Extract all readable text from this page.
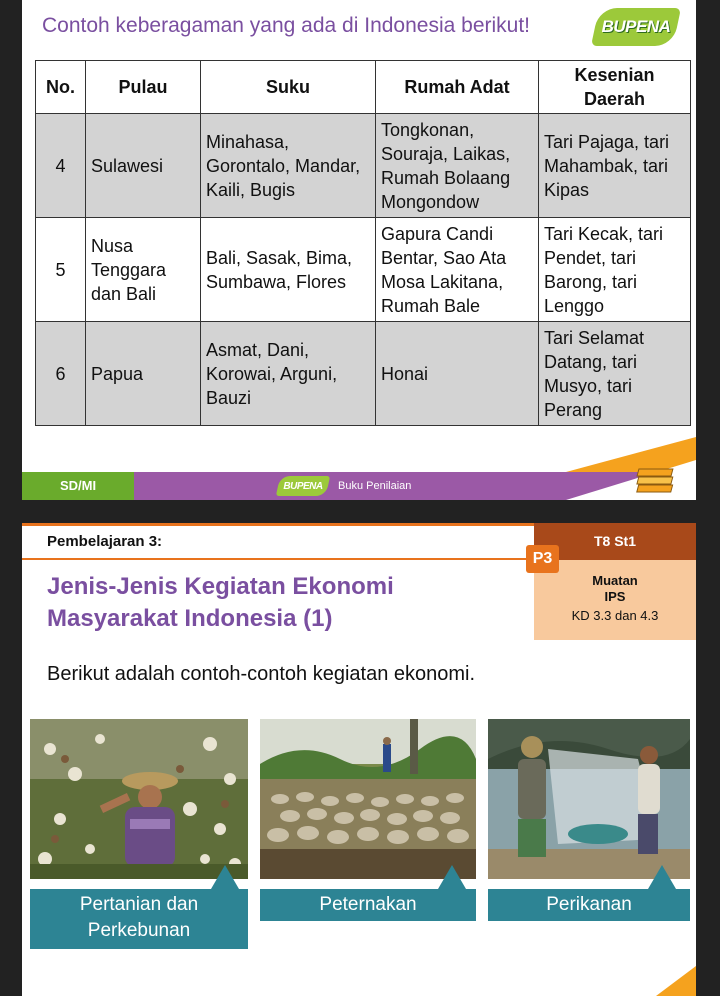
Contoh keberagaman yang ada di Indonesia berikut!	BUPENA
No.	Pulau	Suku	Rumah Adat	Kesenian Daerah
4	Sulawesi	Minahasa, Gorontalo, Mandar, Kaili, Bugis	Tongkonan, Souraja, Laikas, Rumah Bolaang Mongondow	Tari Pajaga, tari Mahambak, tari Kipas
5	Nusa Tenggara dan Bali	Bali, Sasak, Bima, Sumbawa, Flores	Gapura Candi Bentar, Sao Ata Mosa Lakitana, Rumah Bale	Tari Kecak, tari Pendet, tari Barong, tari Lenggo
6	Papua	Asmat, Dani, Korowai, Arguni, Bauzi	Honai	Tari Selamat Datang, tari Musyo, tari Perang
SD/MI	BUPENA Buku Penilaian
Pembelajaran 3:	T8 St1
Muatan
IPS
KD 3.3 dan 4.3
P3
Jenis-Jenis Kegiatan Ekonomi Masyarakat Indonesia (1)
Berikut adalah contoh-contoh kegiatan ekonomi.
Pertanian dan Perkebunan
Peternakan	Perikanan
